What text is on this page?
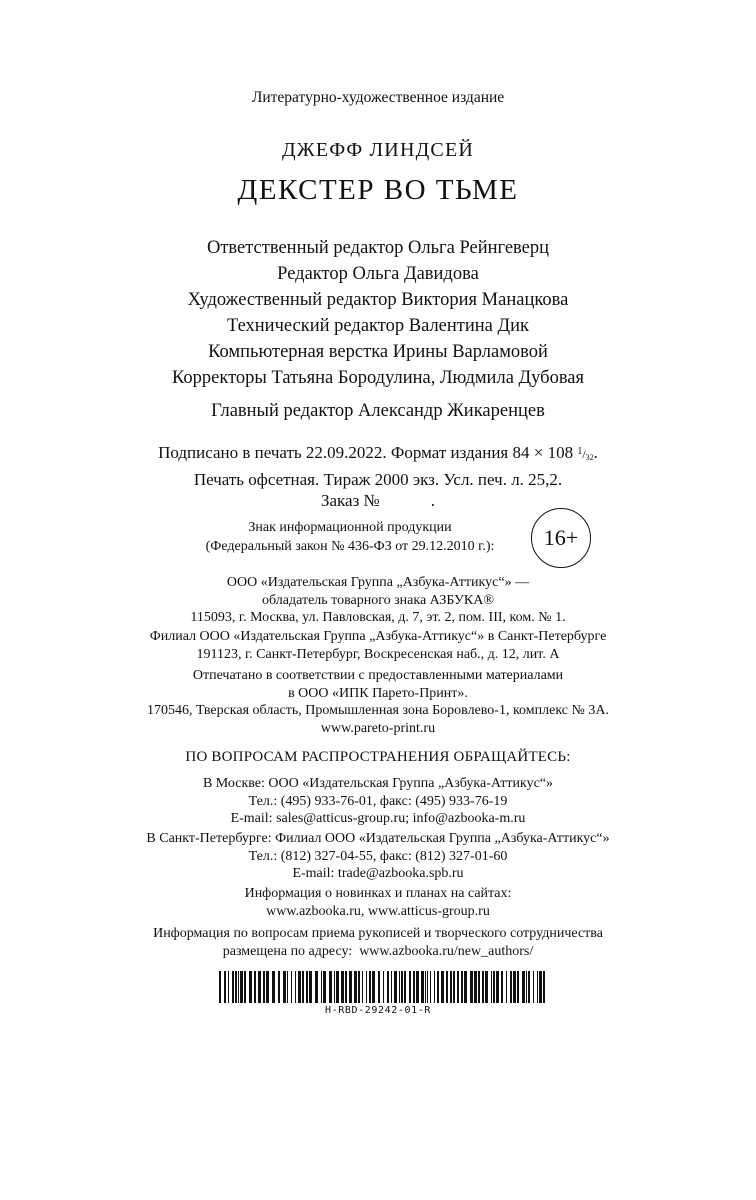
Литературно-художественное издание
ДЖЕФФ ЛИНДСЕЙ
ДЕКСТЕР ВО ТЬМЕ
Ответственный редактор Ольга Рейнгеверц
Редактор Ольга Давидова
Художественный редактор Виктория Манацкова
Технический редактор Валентина Дик
Компьютерная верстка Ирины Варламовой
Корректоры Татьяна Бородулина, Людмила Дубовая
Главный редактор Александр Жикаренцев
Подписано в печать 22.09.2022. Формат издания 84 × 108 $^1/_{32}$.
Печать офсетная. Тираж 2000 экз. Усл. печ. л. 25,2.
Заказ №            .
Знак информационной продукции
(Федеральный закон № 436-ФЗ от 29.12.2010 г.):	16+
ООО «Издательская Группа „Азбука-Аттикус“» —
обладатель товарного знака АЗБУКА®
115093, г. Москва, ул. Павловская, д. 7, эт. 2, пом. III, ком. № 1.
Филиал ООО «Издательская Группа „Азбука-Аттикус“» в Санкт-Петербурге
191123, г. Санкт-Петербург, Воскресенская наб., д. 12, лит. А
Отпечатано в соответствии с предоставленными материалами
в ООО «ИПК Парето-Принт».
170546, Тверская область, Промышленная зона Боровлево-1, комплекс № 3А.
www.pareto-print.ru
ПО ВОПРОСАМ РАСПРОСТРАНЕНИЯ ОБРАЩАЙТЕСЬ:
В Москве: ООО «Издательская Группа „Азбука-Аттикус“»
Тел.: (495) 933-76-01, факс: (495) 933-76-19
E-mail: sales@atticus-group.ru; info@azbooka-m.ru
В Санкт-Петербурге: Филиал ООО «Издательская Группа „Азбука-Аттикус“»
Тел.: (812) 327-04-55, факс: (812) 327-01-60
E-mail: trade@azbooka.spb.ru
Информация о новинках и планах на сайтах:
www.azbooka.ru, www.atticus-group.ru
Информация по вопросам приема рукописей и творческого сотрудничества
размещена по адресу:  www.azbooka.ru/new_authors/
H-RBD-29242-01-R
